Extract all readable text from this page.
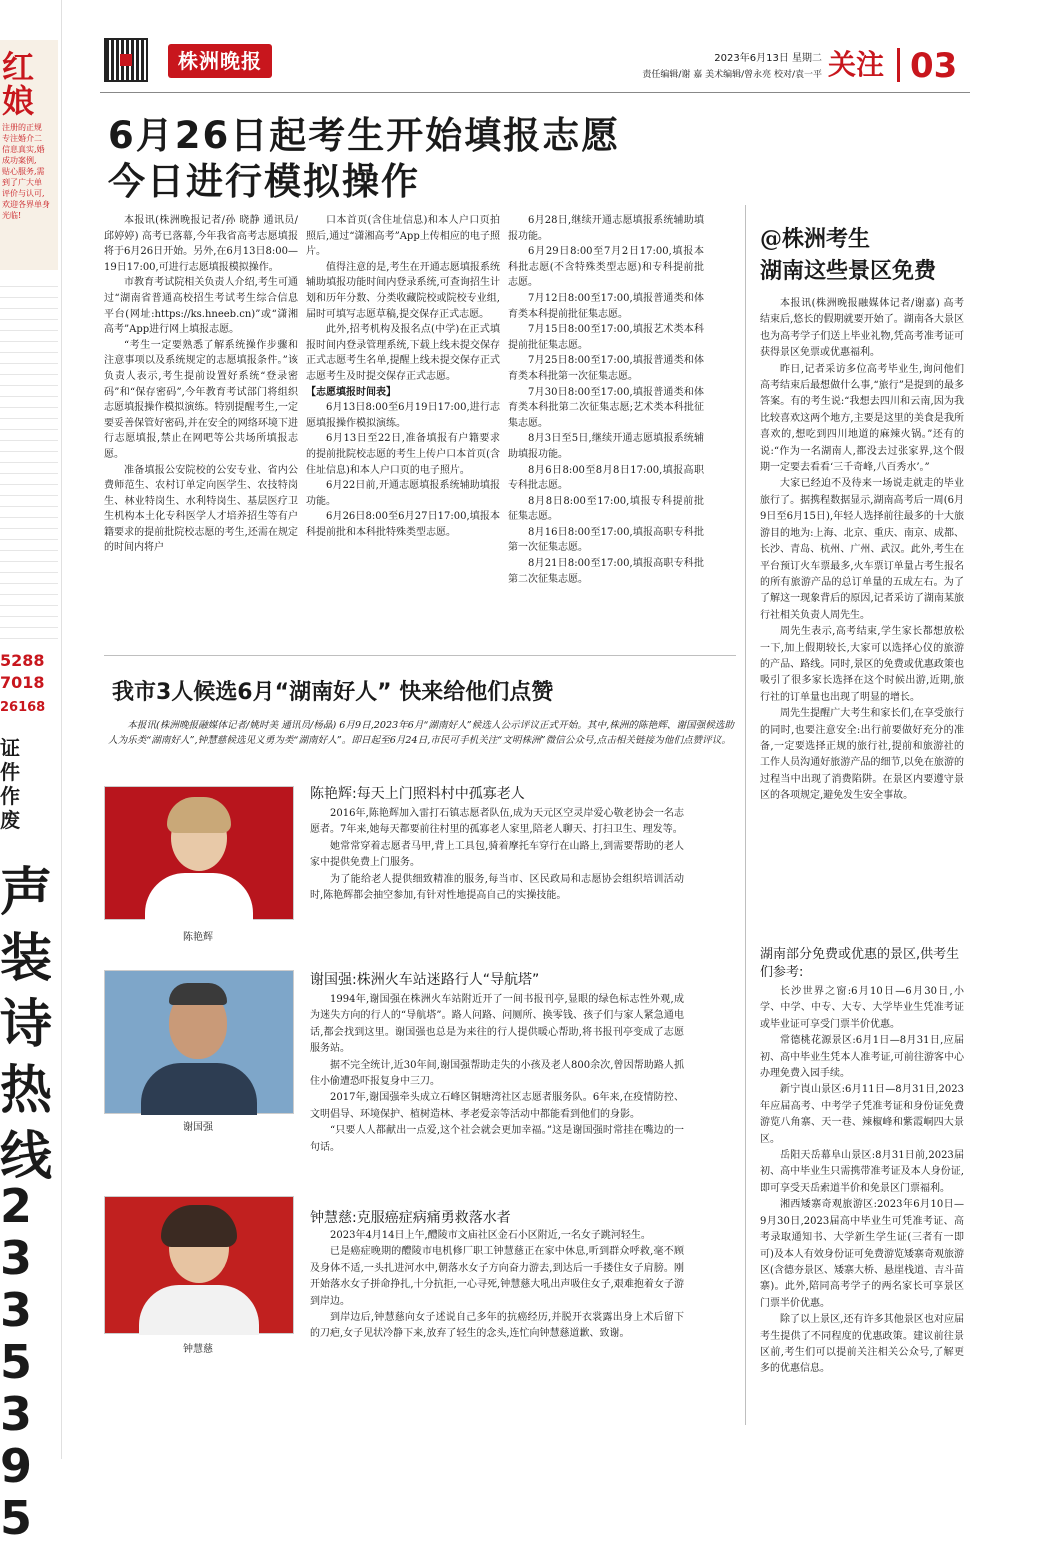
红娘
注册的正规
专注婚介二
信息真实,婚
成功案例,
贴心服务,需
到了广大单
评价与认可,
欢迎各界单身
光临!
5288
7018
26168
证件作废
声装诗热线
2335395
株洲晚报	2023年6月13日 星期二
责任编辑/谢 嘉 美术编辑/曾永亮 校对/袁一平 关注 03
6月26日起考生开始填报志愿
今日进行模拟操作

本报讯(株洲晚报记者/孙 晓静 通讯员/邱婷婷) 高考已落幕,今年我省高考志愿填报将于6月26日开始。另外,在6月13日8:00—19日17:00,可进行志愿填报模拟操作。

市教育考试院相关负责人介绍,考生可通过“湖南省普通高校招生考试考生综合信息平台(网址:https://ks.hneeb.cn)”或“潇湘高考”App进行网上填报志愿。

“考生一定要熟悉了解系统操作步骤和注意事项以及系统规定的志愿填报条件。”该负责人表示,考生提前设置好系统“登录密码”和“保存密码”,今年教育考试部门将组织志愿填报操作模拟演练。特别提醒考生,一定要妥善保管好密码,并在安全的网络环境下进行志愿填报,禁止在网吧等公共场所填报志愿。

准备填报公安院校的公安专业、省内公费师范生、农村订单定向医学生、农技特岗生、林业特岗生、水利特岗生、基层医疗卫生机构本土化专科医学人才培养招生等有户籍要求的提前批院校志愿的考生,还需在规定的时间内将户

口本首页(含住址信息)和本人户口页拍照后,通过“潇湘高考”App上传相应的电子照片。

值得注意的是,考生在开通志愿填报系统辅助填报功能时间内登录系统,可查询招生计划和历年分数、分类收藏院校或院校专业组,届时可填写志愿草稿,提交保存正式志愿。

此外,招考机构及报名点(中学)在正式填报时间内登录管理系统,下载上线未提交保存正式志愿考生名单,提醒上线未提交保存正式志愿考生及时提交保存正式志愿。

【志愿填报时间表】

6月13日8:00至6月19日17:00,进行志愿填报操作模拟演练。

6月13日至22日,准备填报有户籍要求的提前批院校志愿的考生上传户口本首页(含住址信息)和本人户口页的电子照片。

6月22日前,开通志愿填报系统辅助填报功能。

6月26日8:00至6月27日17:00,填报本科提前批和本科批特殊类型志愿。

6月28日,继续开通志愿填报系统辅助填报功能。

6月29日8:00至7月2日17:00,填报本科批志愿(不含特殊类型志愿)和专科提前批志愿。

7月12日8:00至17:00,填报普通类和体育类本科提前批征集志愿。

7月15日8:00至17:00,填报艺术类本科提前批征集志愿。

7月25日8:00至17:00,填报普通类和体育类本科批第一次征集志愿。

7月30日8:00至17:00,填报普通类和体育类本科批第二次征集志愿;艺术类本科批征集志愿。

8月3日至5日,继续开通志愿填报系统辅助填报功能。

8月6日8:00至8月8日17:00,填报高职专科批志愿。

8月8日8:00至17:00,填报专科提前批征集志愿。

8月16日8:00至17:00,填报高职专科批第一次征集志愿。

8月21日8:00至17:00,填报高职专科批第二次征集志愿。

我市3人候选6月“湖南好人” 快来给他们点赞
本报讯(株洲晚报融媒体记者/姚时美 通讯员/杨晶) 6月9日,2023年6月“湖南好人”候选人公示评议正式开始。其中,株洲的陈艳辉、谢国强候选助人为乐类“湖南好人”,钟慧慈候选见义勇为类“湖南好人”。即日起至6月24日,市民可手机关注“文明株洲”微信公众号,点击相关链接为他们点赞评议。
陈艳辉
陈艳辉:每天上门照料村中孤寡老人

2016年,陈艳辉加入雷打石镇志愿者队伍,成为天元区空灵岸爱心敬老协会一名志愿者。7年来,她每天都要前往村里的孤寡老人家里,陪老人聊天、打扫卫生、理发等。

她常常穿着志愿者马甲,背上工具包,骑着摩托车穿行在山路上,到需要帮助的老人家中提供免费上门服务。

为了能给老人提供细致精准的服务,每当市、区民政局和志愿协会组织培训活动时,陈艳辉都会抽空参加,有针对性地提高自己的实操技能。

谢国强
谢国强:株洲火车站迷路行人“导航塔”

1994年,谢国强在株洲火车站附近开了一间书报刊亭,显眼的绿色标志性外观,成为迷失方向的行人的“导航塔”。路人问路、问厕所、换零钱、孩子们与家人紧急通电话,都会找到这里。谢国强也总是为来往的行人提供暖心帮助,将书报刊亭变成了志愿服务站。

据不完全统计,近30年间,谢国强帮助走失的小孩及老人800余次,曾因帮助路人抓住小偷遭恐吓报复身中三刀。

2017年,谢国强牵头成立石峰区铜塘湾社区志愿者服务队。6年来,在疫情防控、文明倡导、环境保护、植树造林、孝老爱亲等活动中都能看到他们的身影。

“只要人人都献出一点爱,这个社会就会更加幸福。”这是谢国强时常挂在嘴边的一句话。

钟慧慈
钟慧慈:克服癌症病痛勇救落水者

2023年4月14日上午,醴陵市文庙社区金石小区附近,一名女子跳河轻生。

已是癌症晚期的醴陵市电机修厂职工钟慧慈正在家中休息,听到群众呼救,毫不顾及身体不适,一头扎进河水中,朝落水女子方向奋力游去,到达后一手搂住女子肩膀。刚开始落水女子拼命挣扎,十分抗拒,一心寻死,钟慧慈大吼出声吸住女子,艰难抱着女子游到岸边。

到岸边后,钟慧慈向女子述说自己多年的抗癌经历,并脱开衣裳露出身上术后留下的刀疤,女子见状冷静下来,放弃了轻生的念头,连忙向钟慧慈道歉、致谢。

@株洲考生
湖南这些景区免费

本报讯(株洲晚报融媒体记者/谢嘉) 高考结束后,悠长的假期就要开始了。湖南各大景区也为高考学子们送上毕业礼物,凭高考准考证可获得景区免票或优惠福利。

昨日,记者采访多位高考毕业生,询问他们高考结束后最想做什么事,“旅行”是提到的最多答案。有的考生说:“我想去四川和云南,因为我比较喜欢这两个地方,主要是这里的美食是我所喜欢的,想吃到四川地道的麻辣火锅。”还有的说:“作为一名湖南人,都没去过张家界,这个假期一定要去看看‘三千奇峰,八百秀水’。”

大家已经迫不及待来一场说走就走的毕业旅行了。据携程数据显示,湖南高考后一周(6月9日至6月15日),年轻人选择前往最多的十大旅游目的地为:上海、北京、重庆、南京、成都、长沙、青岛、杭州、广州、武汉。此外,考生在平台预订火车票最多,火车票订单量占考生报名的所有旅游产品的总订单量的五成左右。为了了解这一现象背后的原因,记者采访了湖南某旅行社相关负责人周先生。

周先生表示,高考结束,学生家长都想放松一下,加上假期较长,大家可以选择心仪的旅游的产品、路线。同时,景区的免费或优惠政策也吸引了很多家长选择在这个时候出游,近期,旅行社的订单量也出现了明显的增长。

周先生提醒广大考生和家长们,在享受旅行的同时,也要注意安全:出行前要做好充分的准备,一定要选择正规的旅行社,提前和旅游社的工作人员沟通好旅游产品的细节,以免在旅游的过程当中出现了消费陷阱。在景区内要遵守景区的各项规定,避免发生安全事故。

湖南部分免费或优惠的景区,供考生们参考:

长沙世界之窗:6月10日—6月30日,小学、中学、中专、大专、大学毕业生凭准考证或毕业证可享受门票半价优惠。

常德桃花源景区:6月1日—8月31日,应届初、高中毕业生凭本人准考证,可前往游客中心办理免费入园手续。

新宁崀山景区:6月11日—8月31日,2023年应届高考、中考学子凭准考证和身份证免费游览八角寨、天一巷、辣椒峰和紫霞峒四大景区。

岳阳天岳幕阜山景区:8月31日前,2023届初、高中毕业生只需携带准考证及本人身份证,即可享受天岳索道半价和免景区门票福利。

湘西矮寨奇观旅游区:2023年6月10日—9月30日,2023届高中毕业生可凭准考证、高考录取通知书、大学新生学生证(三者有一即可)及本人有效身份证可免费游览矮寨奇观旅游区(含德夯景区、矮寨大桥、悬崖栈道、吉斗苗寨)。此外,陪同高考学子的两名家长可享景区门票半价优惠。

除了以上景区,还有许多其他景区也对应届考生提供了不同程度的优惠政策。建议前往景区前,考生们可以提前关注相关公众号,了解更多的优惠信息。
